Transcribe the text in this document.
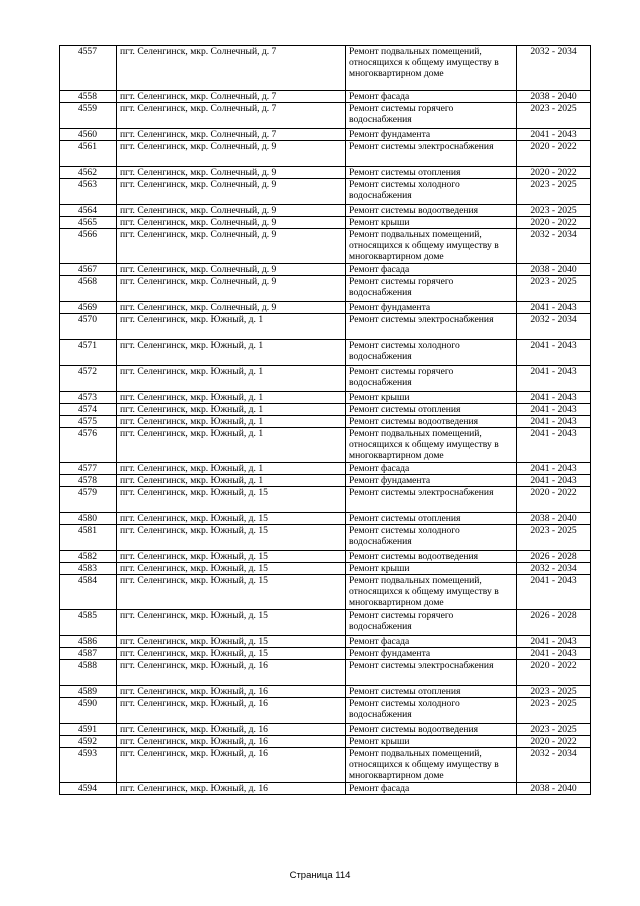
4557	пгт. Селенгинск, мкр. Солнечный, д. 7	Ремонт подвальных помещений, относящихся к общему имуществу в многоквартирном доме	2032 - 2034
4558	пгт. Селенгинск, мкр. Солнечный, д. 7	Ремонт фасада	2038 - 2040
4559	пгт. Селенгинск, мкр. Солнечный, д. 7	Ремонт системы горячего водоснабжения	2023 - 2025
4560	пгт. Селенгинск, мкр. Солнечный, д. 7	Ремонт фундамента	2041 - 2043
4561	пгт. Селенгинск, мкр. Солнечный, д. 9	Ремонт системы электроснабжения	2020 - 2022
4562	пгт. Селенгинск, мкр. Солнечный, д. 9	Ремонт системы отопления	2020 - 2022
4563	пгт. Селенгинск, мкр. Солнечный, д. 9	Ремонт системы холодного водоснабжения	2023 - 2025
4564	пгт. Селенгинск, мкр. Солнечный, д. 9	Ремонт системы водоотведения	2023 - 2025
4565	пгт. Селенгинск, мкр. Солнечный, д. 9	Ремонт крыши	2020 - 2022
4566	пгт. Селенгинск, мкр. Солнечный, д. 9	Ремонт подвальных помещений, относящихся к общему имуществу в многоквартирном доме	2032 - 2034
4567	пгт. Селенгинск, мкр. Солнечный, д. 9	Ремонт фасада	2038 - 2040
4568	пгт. Селенгинск, мкр. Солнечный, д. 9	Ремонт системы горячего водоснабжения	2023 - 2025
4569	пгт. Селенгинск, мкр. Солнечный, д. 9	Ремонт фундамента	2041 - 2043
4570	пгт. Селенгинск, мкр. Южный, д. 1	Ремонт системы электроснабжения	2032 - 2034
4571	пгт. Селенгинск, мкр. Южный, д. 1	Ремонт системы холодного водоснабжения	2041 - 2043
4572	пгт. Селенгинск, мкр. Южный, д. 1	Ремонт системы горячего водоснабжения	2041 - 2043
4573	пгт. Селенгинск, мкр. Южный, д. 1	Ремонт крыши	2041 - 2043
4574	пгт. Селенгинск, мкр. Южный, д. 1	Ремонт системы отопления	2041 - 2043
4575	пгт. Селенгинск, мкр. Южный, д. 1	Ремонт системы водоотведения	2041 - 2043
4576	пгт. Селенгинск, мкр. Южный, д. 1	Ремонт подвальных помещений, относящихся к общему имуществу в многоквартирном доме	2041 - 2043
4577	пгт. Селенгинск, мкр. Южный, д. 1	Ремонт фасада	2041 - 2043
4578	пгт. Селенгинск, мкр. Южный, д. 1	Ремонт фундамента	2041 - 2043
4579	пгт. Селенгинск, мкр. Южный, д. 15	Ремонт системы электроснабжения	2020 - 2022
4580	пгт. Селенгинск, мкр. Южный, д. 15	Ремонт системы отопления	2038 - 2040
4581	пгт. Селенгинск, мкр. Южный, д. 15	Ремонт системы холодного водоснабжения	2023 - 2025
4582	пгт. Селенгинск, мкр. Южный, д. 15	Ремонт системы водоотведения	2026 - 2028
4583	пгт. Селенгинск, мкр. Южный, д. 15	Ремонт крыши	2032 - 2034
4584	пгт. Селенгинск, мкр. Южный, д. 15	Ремонт подвальных помещений, относящихся к общему имуществу в многоквартирном доме	2041 - 2043
4585	пгт. Селенгинск, мкр. Южный, д. 15	Ремонт системы горячего водоснабжения	2026 - 2028
4586	пгт. Селенгинск, мкр. Южный, д. 15	Ремонт фасада	2041 - 2043
4587	пгт. Селенгинск, мкр. Южный, д. 15	Ремонт фундамента	2041 - 2043
4588	пгт. Селенгинск, мкр. Южный, д. 16	Ремонт системы электроснабжения	2020 - 2022
4589	пгт. Селенгинск, мкр. Южный, д. 16	Ремонт системы отопления	2023 - 2025
4590	пгт. Селенгинск, мкр. Южный, д. 16	Ремонт системы холодного водоснабжения	2023 - 2025
4591	пгт. Селенгинск, мкр. Южный, д. 16	Ремонт системы водоотведения	2023 - 2025
4592	пгт. Селенгинск, мкр. Южный, д. 16	Ремонт крыши	2020 - 2022
4593	пгт. Селенгинск, мкр. Южный, д. 16	Ремонт подвальных помещений, относящихся к общему имуществу в многоквартирном доме	2032 - 2034
4594	пгт. Селенгинск, мкр. Южный, д. 16	Ремонт фасада	2038 - 2040
Страница 114
